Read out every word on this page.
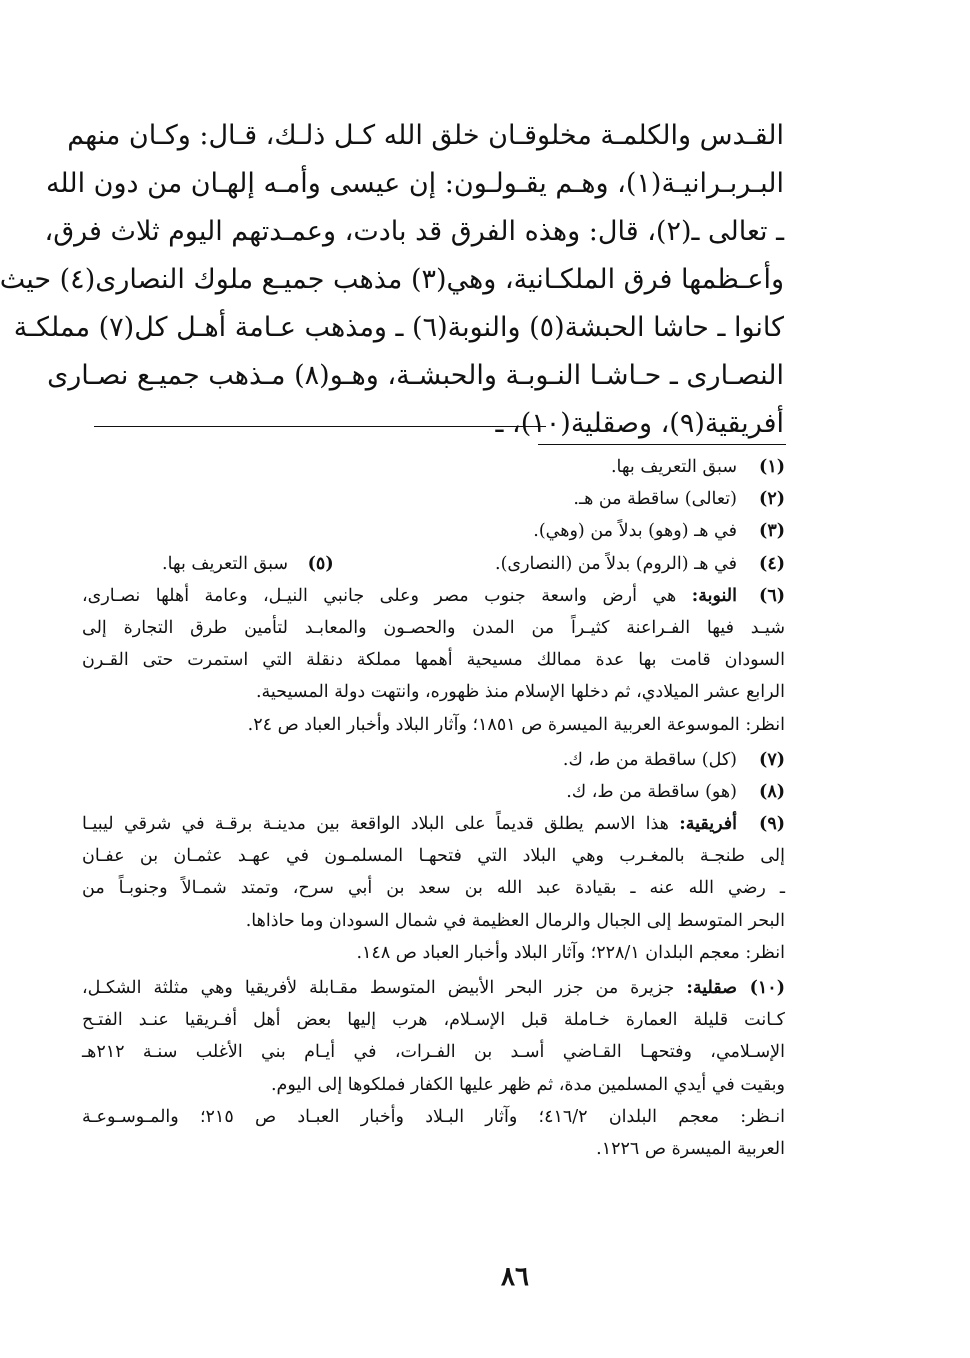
القـدس والكلمـة مخلوقـان خلق الله كـل ذلـك، قـال: وكـان منهم
البـربـرانيـة(١)، وهـم يقـولـون: إن عيسى وأمـه إلهـان من دون الله
ـ تعالى ـ(٢)، قال: وهذه الفرق قد بادت، وعمـدتهم اليوم ثلاث فرق،
وأعـظمها فرق الملكـانية، وهي(٣) مذهب جميـع ملوك النصارى(٤) حيث
كانوا ـ حاشا الحبشة(٥) والنوبة(٦) ـ ومذهب عـامة أهـل كل(٧) مملكـة
النصـارى ـ حـاشـا النـوبـة والحبشـة، وهـو(٨) مـذهب جميـع نصـارى
أفريقية(٩)، وصقلية(١٠)، ـ
(١)
سبق التعريف بها.
(٢)
(تعالى) ساقطة من هـ.
(٣)
في هـ (وهو) بدلاً من (وهي).
(٤)
في هـ (الروم) بدلاً من (النصارى).
(٥) سبق التعريف بها.
(٦)
النوبة: هي أرض واسعة جنوب مصر وعلى جانبي النيـل، وعامة أهلها نصـارى،
شيـد فيها الفـراعنة كثيـراً من المدن والحصـون والمعابـد لتأمين طرق التجارة إلى
السودان قامت بها عدة ممالك مسيحية أهمها مملكة دنقلة التي استمرت حتى القـرن
الرابع عشر الميلادي، ثم دخلها الإسلام منذ ظهوره، وانتهت دولة المسيحية.
انظر: الموسوعة العربية الميسرة ص ١٨٥١؛ وآثار البلاد وأخبار العباد ص ٢٤.
(٧)
(كل) ساقطة من ط، ك.
(٨)
(هو) ساقطة من ط، ك.
(٩)
أفريقية: هذا الاسم يطلق قديماً على البلاد الواقعة بين مدينـة برقـة في شرقي ليبيـا
إلى طنجـة بالمغـرب وهي البلاد التي فتحهـا المسلمـون في عهـد عثمـان بن عفـان
ـ رضي الله عنه ـ بقيادة عبد الله بن سعد بن أبي سرح، وتمتد شمـالاً وجنوبـاً من
البحر المتوسط إلى الجبال والرمال العظيمة في شمال السودان وما حاذاها.
انظر: معجم البلدان ٢٢٨/١؛ وآثار البلاد وأخبار العباد ص ١٤٨.
(١٠)
صقلية: جزيرة من جزر البحر الأبيض المتوسط مقـابلة لأفريقيا وهي مثلثة الشكـل،
كـانت قليلة العمارة خـاملة قبل الإسـلام، هرب إليها بعض أهل أفـريقيا عنـد الفتـح
الإسـلامي، وفتحهـا القـاضي أسـد بن الفـرات، في أيـام بني الأغلب سنـة ٢١٢هـ
وبقيت في أيدي المسلمين مدة، ثم ظهر عليها الكفار فملكوها إلى اليوم.
انـظر: معجم البلدان ٤١٦/٢؛ وآثار البـلاد وأخبار العبـاد ص ٢١٥؛ والمـوسـوعـة
العربية الميسرة ص ١٢٢٦.
٨٦
